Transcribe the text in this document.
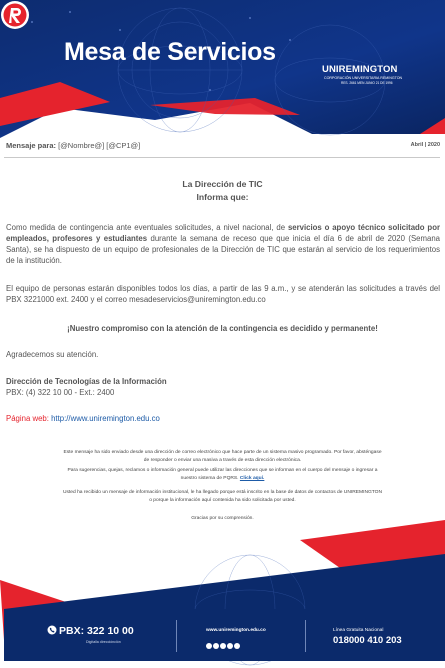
Mesa de Servicios
UNIREMINGTON
CORPORACIÓN UNIVERSITARIA REMINGTON
RES. 2661 MEN JUNIO 21 DE 1996
Mensaje para: [@Nombre@] [@CP1@]	Abril | 2020
La Dirección de TIC
Informa que:
Como medida de contingencia ante eventuales solicitudes, a nivel nacional, de servicios o apoyo técnico solicitado por empleados, profesores y estudiantes durante la semana de receso que que inicia el día 6 de abril de 2020 (Semana Santa), se ha dispuesto de un equipo de profesionales de la Dirección de TIC que estarán al servicio de los requerimientos de la institución.
El equipo de personas estarán disponibles todos los días, a partir de las 9 a.m., y se atenderán las solicitudes a través del PBX 3221000 ext. 2400 y el correo mesadeservicios@uniremington.edu.co
¡Nuestro compromiso con la atención de la contingencia es decidido y permanente!
Agradecemos su atención.
Dirección de Tecnologías de la Información
PBX: (4) 322 10 00 - Ext.: 2400
Página web: http://www.uniremington.edu.co
Este mensaje ha sido enviado desde una dirección de correo electrónico que hace parte de un sistema masivo programado. Por favor, absténgase
de responder o enviar una masiva a través de esta dirección electrónica.
Para sugerencias, quejas, reclamos o información general puede utilizar las direcciones que se informan en el cuerpo del mensaje o ingresar a
nuestro sistema de PQRS. Click aquí.
Usted ha recibido un mensaje de información institucional, le ha llegado porque está inscrito en la base de datos de contactos de UNIREMINGTON
o porque la información aquí contenida ha sido solicitada por usted.
Gracias por su comprensión.
PBX: 322 10 00
Digitalla direcciónción
www.uniremington.edu.co	Línea Gratuita Nacional
018000 410 203
